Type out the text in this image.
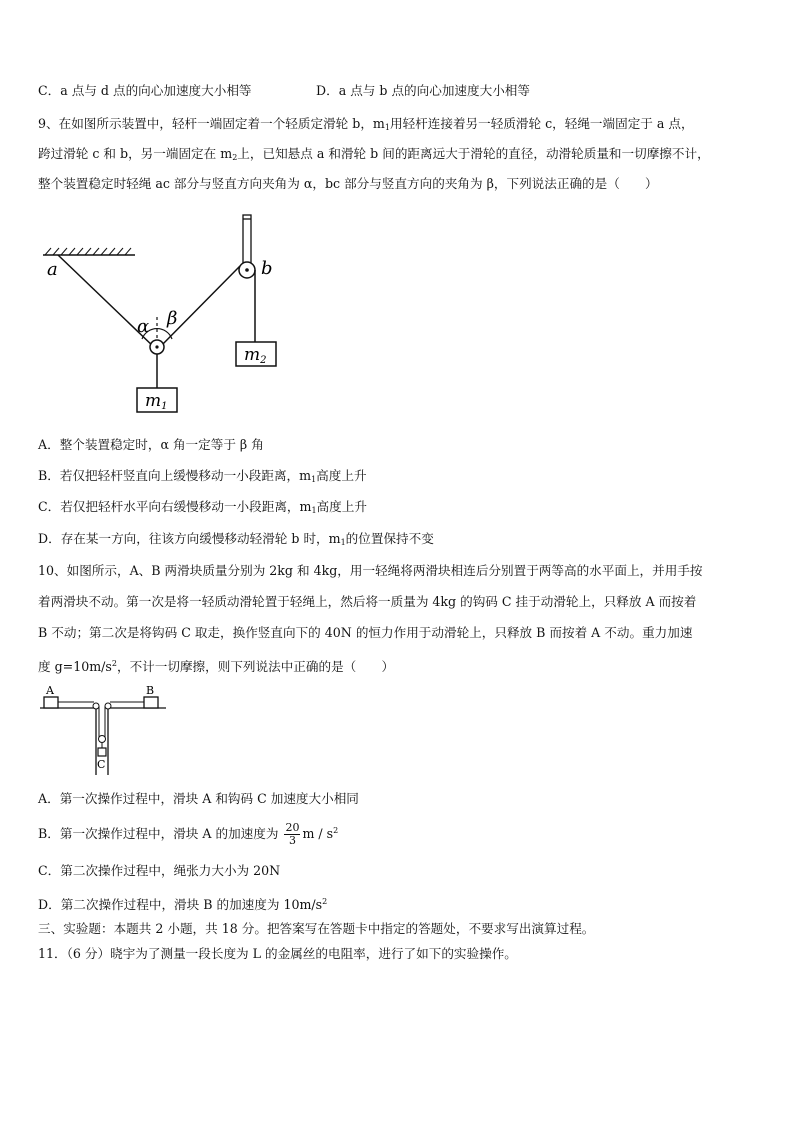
C．a 点与 d 点的向心加速度大小相等	D．a 点与 b 点的向心加速度大小相等
9、在如图所示装置中，轻杆一端固定着一个轻质定滑轮 b，$m_1$用轻杆连接着另一轻质滑轮 c，轻绳一端固定于 a 点，
跨过滑轮 c 和 b，另一端固定在 $m_2$上，已知悬点 a 和滑轮 b 间的距离远大于滑轮的直径，动滑轮质量和一切摩擦不计，
整个装置稳定时轻绳 ac 部分与竖直方向夹角为 α，bc 部分与竖直方向的夹角为 β，下列说法正确的是（　　）
a	b
α β
m1
m2
A．整个装置稳定时，α 角一定等于 β 角
B．若仅把轻杆竖直向上缓慢移动一小段距离，$m_1$高度上升
C．若仅把轻杆水平向右缓慢移动一小段距离，$m_1$高度上升
D．存在某一方向，往该方向缓慢移动轻滑轮 b 时，$m_1$的位置保持不变
10、如图所示，A、B 两滑块质量分别为 2kg 和 4kg，用一轻绳将两滑块相连后分别置于两等高的水平面上，并用手按
着两滑块不动。第一次是将一轻质动滑轮置于轻绳上，然后将一质量为 4kg 的钩码 C 挂于动滑轮上，只释放 A 而按着
B 不动；第二次是将钩码 C 取走，换作竖直向下的 40N 的恒力作用于动滑轮上，只释放 B 而按着 A 不动。重力加速
度 $g=10m/s^2$，不计一切摩擦，则下列说法中正确的是（　　）
A	B
C
A．第一次操作过程中，滑块 A 和钩码 C 加速度大小相同
B．第一次操作过程中，滑块 A 的加速度为 $\frac{20}{3}$ m / $s^2$
C．第二次操作过程中，绳张力大小为 20N
D．第二次操作过程中，滑块 B 的加速度为 $10m/s^2$
三、实验题：本题共 2 小题，共 18 分。把答案写在答题卡中指定的答题处，不要求写出演算过程。
11．（6 分）晓宇为了测量一段长度为 L 的金属丝的电阻率，进行了如下的实验操作。
